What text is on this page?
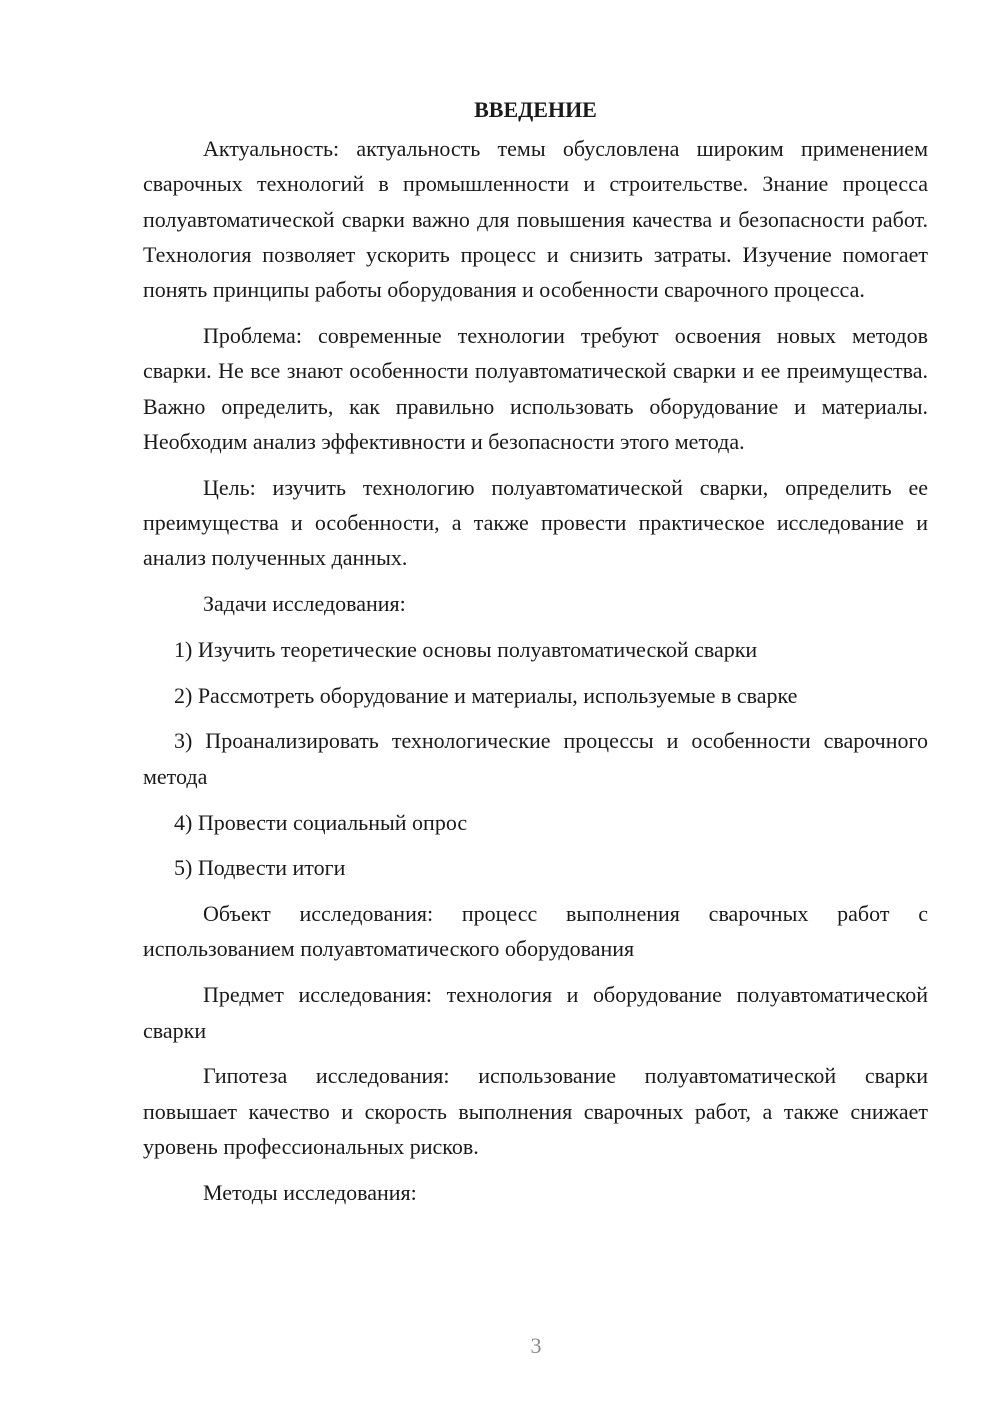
ВВЕДЕНИЕ

Актуальность: актуальность темы обусловлена широким применением сварочных технологий в промышленности и строительстве. Знание процесса полуавтоматической сварки важно для повышения качества и безопасности работ. Технология позволяет ускорить процесс и снизить затраты. Изучение помогает понять принципы работы оборудования и особенности сварочного процесса.

Проблема: современные технологии требуют освоения новых методов сварки. Не все знают особенности полуавтоматической сварки и ее преимущества. Важно определить, как правильно использовать оборудование и материалы. Необходим анализ эффективности и безопасности этого метода.

Цель: изучить технологию полуавтоматической сварки, определить ее преимущества и особенности, а также провести практическое исследование и анализ полученных данных.

Задачи исследования:

1) Изучить теоретические основы полуавтоматической сварки

2) Рассмотреть оборудование и материалы, используемые в сварке

3) Проанализировать технологические процессы и особенности сварочного метода

4) Провести социальный опрос

5) Подвести итоги

Объект исследования: процесс выполнения сварочных работ с использованием полуавтоматического оборудования

Предмет исследования: технология и оборудование полуавтоматической сварки

Гипотеза исследования: использование полуавтоматической сварки повышает качество и скорость выполнения сварочных работ, а также снижает уровень профессиональных рисков.

Методы исследования:

3
